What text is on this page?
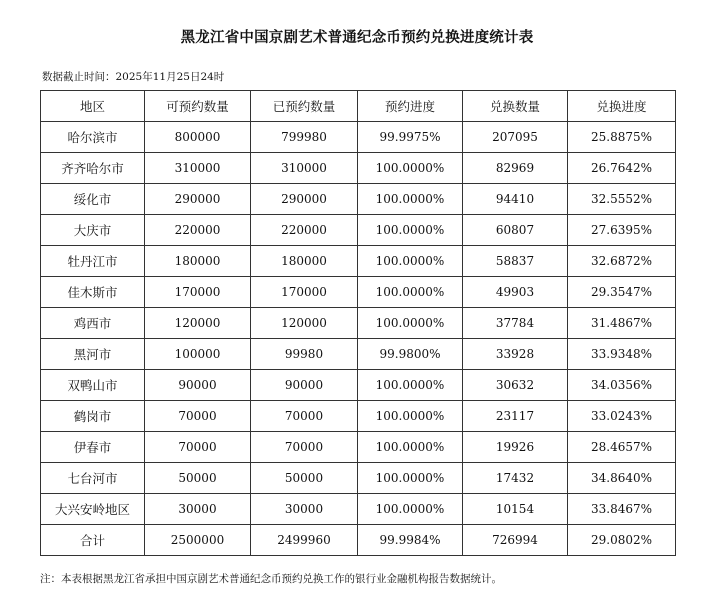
黑龙江省中国京剧艺术普通纪念币预约兑换进度统计表
数据截止时间：2025年11月25日24时
地区	可预约数量	已预约数量	预约进度	兑换数量	兑换进度
哈尔滨市	800000	799980	99.9975%	207095	25.8875%
齐齐哈尔市	310000	310000	100.0000%	82969	26.7642%
绥化市	290000	290000	100.0000%	94410	32.5552%
大庆市	220000	220000	100.0000%	60807	27.6395%
牡丹江市	180000	180000	100.0000%	58837	32.6872%
佳木斯市	170000	170000	100.0000%	49903	29.3547%
鸡西市	120000	120000	100.0000%	37784	31.4867%
黑河市	100000	99980	99.9800%	33928	33.9348%
双鸭山市	90000	90000	100.0000%	30632	34.0356%
鹤岗市	70000	70000	100.0000%	23117	33.0243%
伊春市	70000	70000	100.0000%	19926	28.4657%
七台河市	50000	50000	100.0000%	17432	34.8640%
大兴安岭地区	30000	30000	100.0000%	10154	33.8467%
合计	2500000	2499960	99.9984%	726994	29.0802%
注：本表根据黑龙江省承担中国京剧艺术普通纪念币预约兑换工作的银行业金融机构报告数据统计。
